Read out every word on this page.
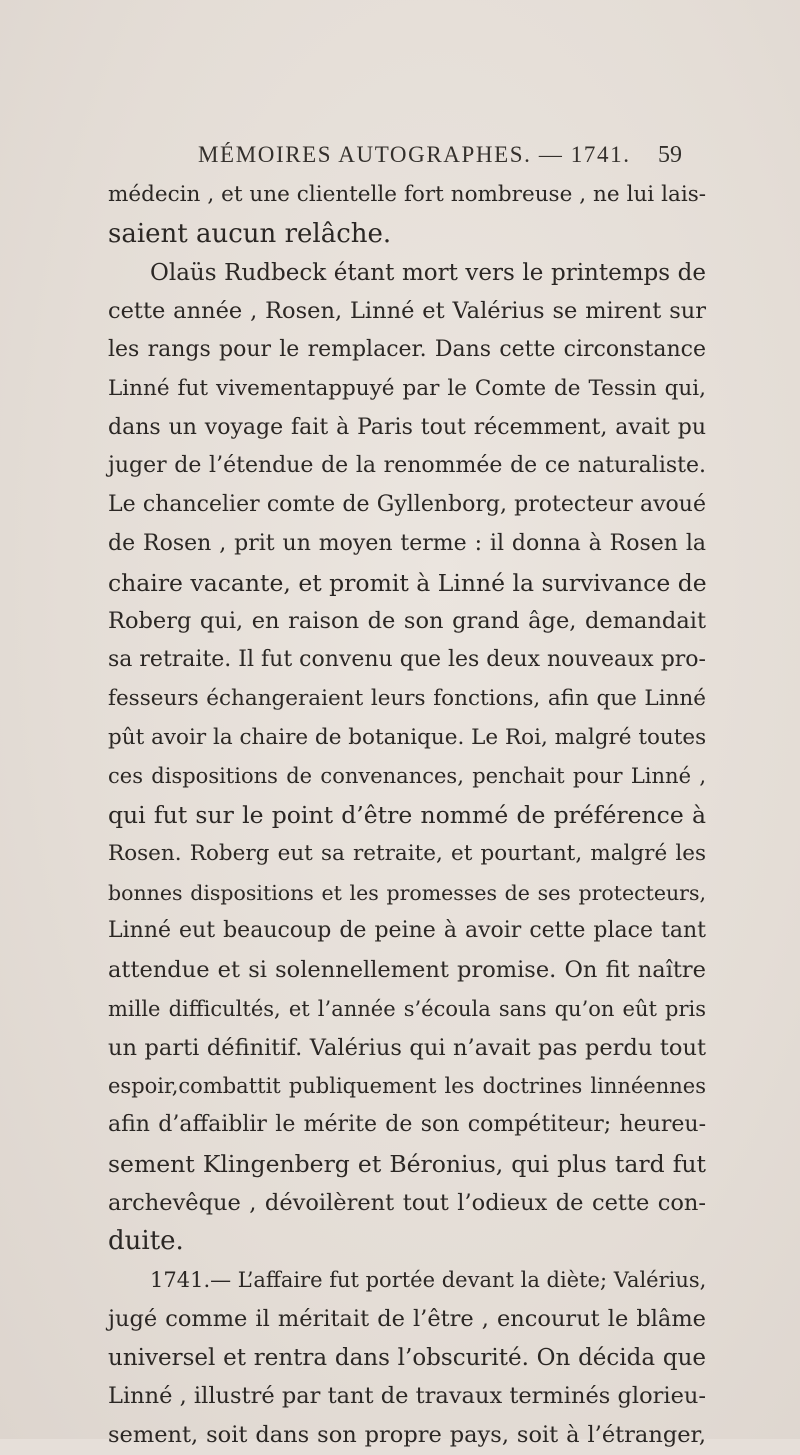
MÉMOIRES AUTOGRAPHES. — 1741. 59
médecin , et une clientelle fort nombreuse , ne lui lais-
saient aucun relâche.
Olaüs Rudbeck étant mort vers le printemps de
cette année , Rosen, Linné et Valérius se mirent sur
les rangs pour le remplacer. Dans cette circonstance
Linné fut vivementappuyé par le Comte de Tessin qui,
dans un voyage fait à Paris tout récemment, avait pu
juger de l’étendue de la renommée de ce naturaliste.
Le chancelier comte de Gyllenborg, protecteur avoué
de Rosen , prit un moyen terme : il donna à Rosen la
chaire vacante, et promit à Linné la survivance de
Roberg qui, en raison de son grand âge, demandait
sa retraite. Il fut convenu que les deux nouveaux pro-
fesseurs échangeraient leurs fonctions, afin que Linné
pût avoir la chaire de botanique. Le Roi, malgré toutes
ces dispositions de convenances, penchait pour Linné ,
qui fut sur le point d’être nommé de préférence à
Rosen. Roberg eut sa retraite, et pourtant, malgré les
bonnes dispositions et les promesses de ses protecteurs,
Linné eut beaucoup de peine à avoir cette place tant
attendue et si solennellement promise. On fit naître
mille difficultés, et l’année s’écoula sans qu’on eût pris
un parti définitif. Valérius qui n’avait pas perdu tout
espoir,combattit publiquement les doctrines linnéennes
afin d’affaiblir le mérite de son compétiteur; heureu-
sement Klingenberg et Béronius, qui plus tard fut
archevêque , dévoilèrent tout l’odieux de cette con-
duite.
1741.— L’affaire fut portée devant la diète; Valérius,
jugé comme il méritait de l’être , encourut le blâme
universel et rentra dans l’obscurité. On décida que
Linné , illustré par tant de travaux terminés glorieu-
sement, soit dans son propre pays, soit à l’étranger,
